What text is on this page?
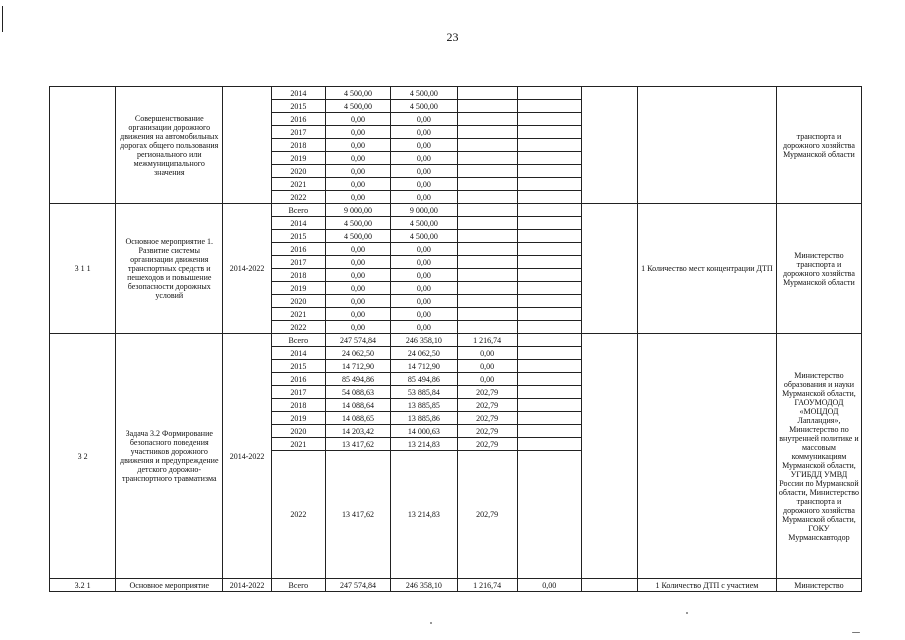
23
	Совершенствование организации дорожного движения на автомобильных дорогах общего пользования регионального или межмуниципального значения		2014	4 500,00	4 500,00					транспорта и дорожного хозяйства Мурманской области
			2015	4 500,00	4 500,00					
			2016	0,00	0,00					
			2017	0,00	0,00					
			2018	0,00	0,00					
			2019	0,00	0,00					
			2020	0,00	0,00					
			2021	0,00	0,00					
			2022	0,00	0,00					
3 1 1	Основное мероприятие 1. Развитие системы организации движения транспортных средств и пешеходов и повышение безопасности дорожных условий	2014-2022	Всего	9 000,00	9 000,00				1 Количество мест концентрации ДТП	Министерство транспорта и дорожного хозяйства Мурманской области
			2014	4 500,00	4 500,00					
			2015	4 500,00	4 500,00					
			2016	0,00	0,00					
			2017	0,00	0,00					
			2018	0,00	0,00					
			2019	0,00	0,00					
			2020	0,00	0,00					
			2021	0,00	0,00					
			2022	0,00	0,00					
3 2	Задача 3.2 Формирование безопасного поведения участников дорожного движения и предупреждение детского дорожно-транспортного травматизма	2014-2022	Всего	247 574,84	246 358,10	1 216,74				Министерство образования и науки Мурманской области, ГАОУМОДОД «МОЦДОД Лапландия», Министерство по внутренней политике и массовым коммуникациям Мурманской области, УГИБДД УМВД России по Мурманской области, Министерство транспорта и дорожного хозяйства Мурманской области, ГОКУ Мурманскавтодор
			2014	24 062,50	24 062,50	0,00				
			2015	14 712,90	14 712,90	0,00				
			2016	85 494,86	85 494,86	0,00				
			2017	54 088,63	53 885,84	202,79				
			2018	14 088,64	13 885,85	202,79				
			2019	14 088,65	13 885,86	202,79				
			2020	14 203,42	14 000,63	202,79				
			2021	13 417,62	13 214,83	202,79				
			2022	13 417,62	13 214,83	202,79				
3.2 1	Основное мероприятие	2014-2022	Всего	247 574,84	246 358,10	1 216,74	0,00		1 Количество ДТП с участием	Министерство
